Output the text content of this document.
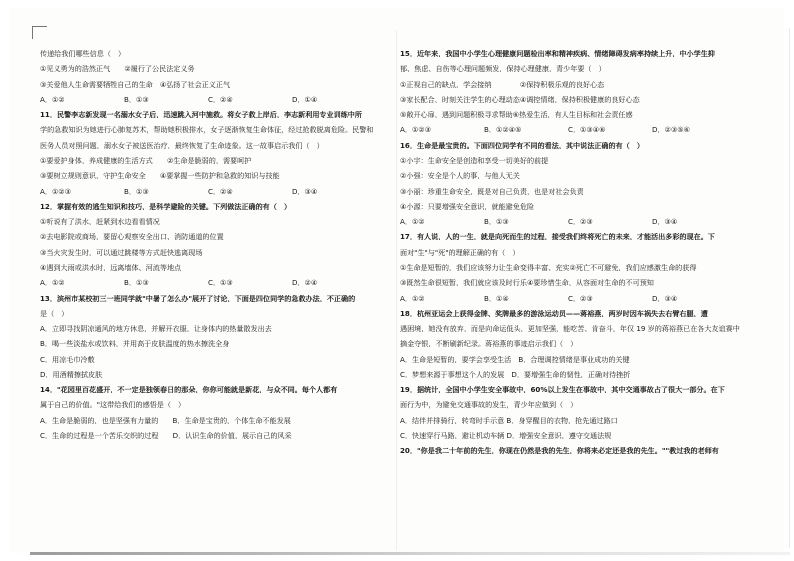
传递给我们哪些信息（　）
①见义勇为的浩然正气　　②履行了公民法定义务
③关爱他人生命需要牺牲自己的生命　④弘扬了社会正义正气
A．①②	B．①③	C．②④	D．①④
11．民警李志新发现一名溺水女子后，迅速跳入河中施救。将女子救上岸后，李志新利用专业训练中所
学的急救知识为她进行心肺复苏术，帮助她积极排水，女子逐渐恢复生命体征，经过抢救脱离危险。民警和
医务人员对照问题，溺水女子被送医治疗，最终恢复了生命迹象。这一故事启示我们（　）
①要爱护身体，养成健康的生活方式　　②生命是脆弱的，需要呵护
③要树立规则意识，守护生命安全　　④要掌握一些防护和急救的知识与技能
A．①②③	B．①③	C．②④	D．③④
12．掌握有效的逃生知识和技巧，是科学避险的关键。下列做法正确的有（　）
①听说有了洪水，赶紧到水边看看情况
②去电影院或商场，要留心观察安全出口、消防通道的位置
③当火灾发生时，可以通过跳楼等方式赶快逃离现场
④遇到大雨或洪水时，远离墙体、河流等地点
A．①②	B．①③	C．①③	D．②④
13．滨州市某校初三一班同学就"中暑了怎么办"展开了讨论，下面是四位同学的急救办法，不正确的
是（　）
A．立即寻找阴凉通风的地方休息，并解开衣服，让身体内的热量散发出去
B．喝一些淡盐水或饮料，并用高于皮肤温度的热水擦洗全身
C．用凉毛巾冷敷
D．用酒精擦拭皮肤
14．"花园里百花盛开，不一定是独领春日的那朵，你你可能就是新花，与众不同。每个人都有
属于自己的价值。"这带给我们的感悟是（　）
A．生命是脆弱的，也是坚强有力量的　　B．生命是宝贵的，个体生命不能发展
C．生命的过程是一个苦乐交织的过程　　D．认识生命的价值，展示自己的风采
15．近年来，我国中小学生心理健康问题检出率和精神疾病、情绪障碍发病率持续上升，中小学生抑
郁、焦虑、自伤等心理问题频发，保持心理健康，青少年要（　）
①正视自己的缺点，学会接纳　　　　②保持积极乐观的良好心态
③家长配合，时刻关注学生的心理动态④调控情绪，保持积极健康的良好心态
⑤敞开心扉，遇到问题积极寻求帮助⑥热爱生活，有人生目标和社会责任感
A．①②③	B．①②④⑤	C．①③④⑥	D．②③⑤⑥
16．生命是最宝贵的。下面四位同学有不同的看法，其中说法正确的有（　）
①小宇：生命安全是创造和享受一切美好的前提
②小强：安全是个人的事，与他人无关
③小丽：珍重生命安全，既是对自己负责，也是对社会负责
④小源：只要增强安全意识，就能避免危险
A．①②	B．①③	C．②③	D．③④
17．有人说，人的一生，就是向死而生的过程，接受我们终将死亡的未来，才能活出多彩的现在。下
面对"生"与"死"的理解正确的有（　）
①生命是短暂的，我们应该努力让生命变得丰富、充实②死亡不可避免，我们应感激生命的获得
③既然生命很短暂，我们就应该及时行乐④要珍惜生命，从容面对生命的不可预知
A．①②	B．①④	C．②③	D．③④
18．杭州亚运会上获得金牌、奖牌最多的游泳运动员——蒋裕燕，两岁时因车祸失去右臂右腿，遭
遇困境，她没有放弃，而是向命运低头，更加坚强，能吃苦、肯奋斗，年仅 19 岁的蒋裕燕已在各大友谊赛中
摘金夺银，不断刷新纪录。蒋裕燕的事迹启示我们（　）
A．生命是短暂的，要学会享受生活　B．合理调控情绪是事业成功的关键
C．梦想来源于事想这个人的发展　D．要增强生命的韧性，正确对待挫折
19．据统计，全国中小学生安全事故中，60%以上发生在事故中，其中交通事故占了很大一部分。在下
面行为中，为避免交通事故的发生，青少年应做到（　）
A．结伴并排骑行，转弯时手示意 B．身穿醒目的衣物，抢先通过路口
C．快速穿行马路，避让机动车辆 D．增强安全意识，遵守交通法规
20．"你是我二十年前的先生，你现在仍然是我的先生，你将来必定还是我的先生。""教过我的老师有
